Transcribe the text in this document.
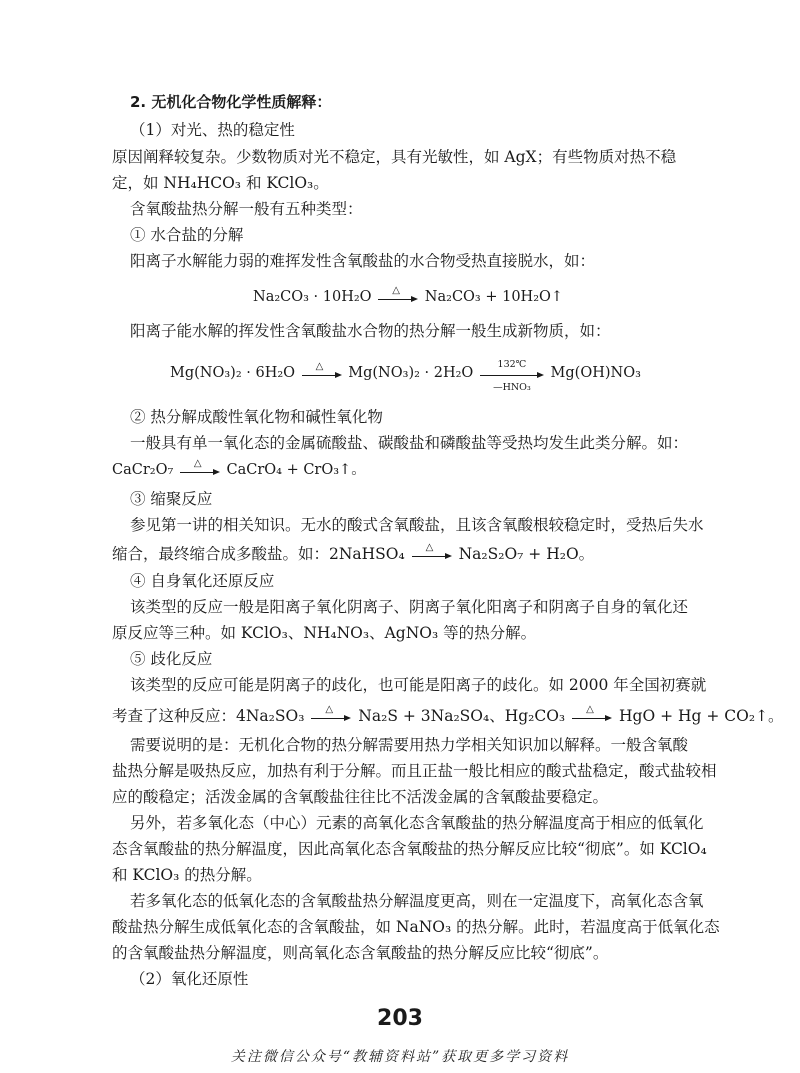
2. 无机化合物化学性质解释：
（1）对光、热的稳定性
原因阐释较复杂。少数物质对光不稳定，具有光敏性，如 AgX；有些物质对热不稳
定，如 NH₄HCO₃ 和 KClO₃。
含氧酸盐热分解一般有五种类型：
① 水合盐的分解
阳离子水解能力弱的难挥发性含氧酸盐的水合物受热直接脱水，如：
Na₂CO₃ · 10H₂O △ Na₂CO₃ + 10H₂O↑
阳离子能水解的挥发性含氧酸盐水合物的热分解一般生成新物质，如：
Mg(NO₃)₂ · 6H₂O △ Mg(NO₃)₂ · 2H₂O
132℃
—HNO₃
Mg(OH)NO₃
② 热分解成酸性氧化物和碱性氧化物
一般具有单一氧化态的金属硫酸盐、碳酸盐和磷酸盐等受热均发生此类分解。如：
CaCr₂O₇ △ CaCrO₄ + CrO₃↑。
③ 缩聚反应
参见第一讲的相关知识。无水的酸式含氧酸盐，且该含氧酸根较稳定时，受热后失水
缩合，最终缩合成多酸盐。如：2NaHSO₄ △ Na₂S₂O₇ + H₂O。
④ 自身氧化还原反应
该类型的反应一般是阳离子氧化阴离子、阴离子氧化阳离子和阴离子自身的氧化还
原反应等三种。如 KClO₃、NH₄NO₃、AgNO₃ 等的热分解。
⑤ 歧化反应
该类型的反应可能是阴离子的歧化，也可能是阳离子的歧化。如 2000 年全国初赛就
考查了这种反应：4Na₂SO₃ △ Na₂S + 3Na₂SO₄、Hg₂CO₃ △ HgO + Hg + CO₂↑。
需要说明的是：无机化合物的热分解需要用热力学相关知识加以解释。一般含氧酸
盐热分解是吸热反应，加热有利于分解。而且正盐一般比相应的酸式盐稳定，酸式盐较相
应的酸稳定；活泼金属的含氧酸盐往往比不活泼金属的含氧酸盐要稳定。
另外，若多氧化态（中心）元素的高氧化态含氧酸盐的热分解温度高于相应的低氧化
态含氧酸盐的热分解温度，因此高氧化态含氧酸盐的热分解反应比较“彻底”。如 KClO₄
和 KClO₃ 的热分解。
若多氧化态的低氧化态的含氧酸盐热分解温度更高，则在一定温度下，高氧化态含氧
酸盐热分解生成低氧化态的含氧酸盐，如 NaNO₃ 的热分解。此时，若温度高于低氧化态
的含氧酸盐热分解温度，则高氧化态含氧酸盐的热分解反应比较“彻底”。
（2）氧化还原性
203
关注微信公众号“教辅资料站”获取更多学习资料
